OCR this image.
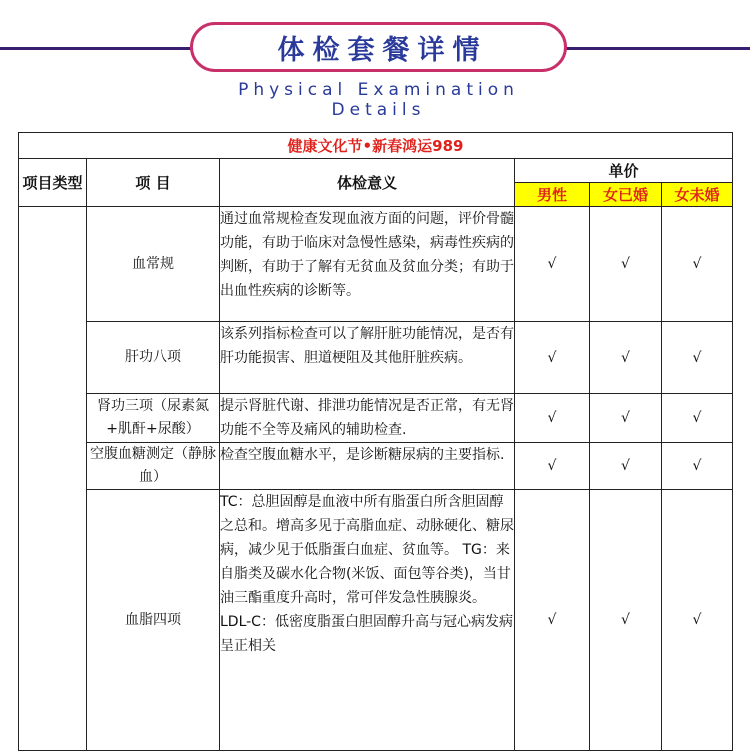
体检套餐详情
Physical Examination Details
健康文化节•新春鸿运989					
项目类型	项 目	体检意义	单价		
			男性	女已婚	女未婚
	血常规	通过血常规检查发现血液方面的问题，评价骨髓功能，有助于临床对急慢性感染，病毒性疾病的判断，有助于了解有无贫血及贫血分类；有助于出血性疾病的诊断等。	√	√	√
	肝功八项	该系列指标检查可以了解肝脏功能情况，是否有肝功能损害、胆道梗阻及其他肝脏疾病。	√	√	√
	肾功三项（尿素氮+肌酐+尿酸）	提示肾脏代谢、排泄功能情况是否正常，有无肾功能不全等及痛风的辅助检查.	√	√	√
	空腹血糖测定（静脉血）	检查空腹血糖水平，是诊断糖尿病的主要指标.	√	√	√
	血脂四项	TC：总胆固醇是血液中所有脂蛋白所含胆固醇之总和。增高多见于高脂血症、动脉硬化、糖尿病，减少见于低脂蛋白血症、贫血等。 TG：来自脂类及碳水化合物(米饭、面包等谷类)，当甘油三酯重度升高时，常可伴发急性胰腺炎。 LDL-C：低密度脂蛋白胆固醇升高与冠心病发病呈正相关	√	√	√
